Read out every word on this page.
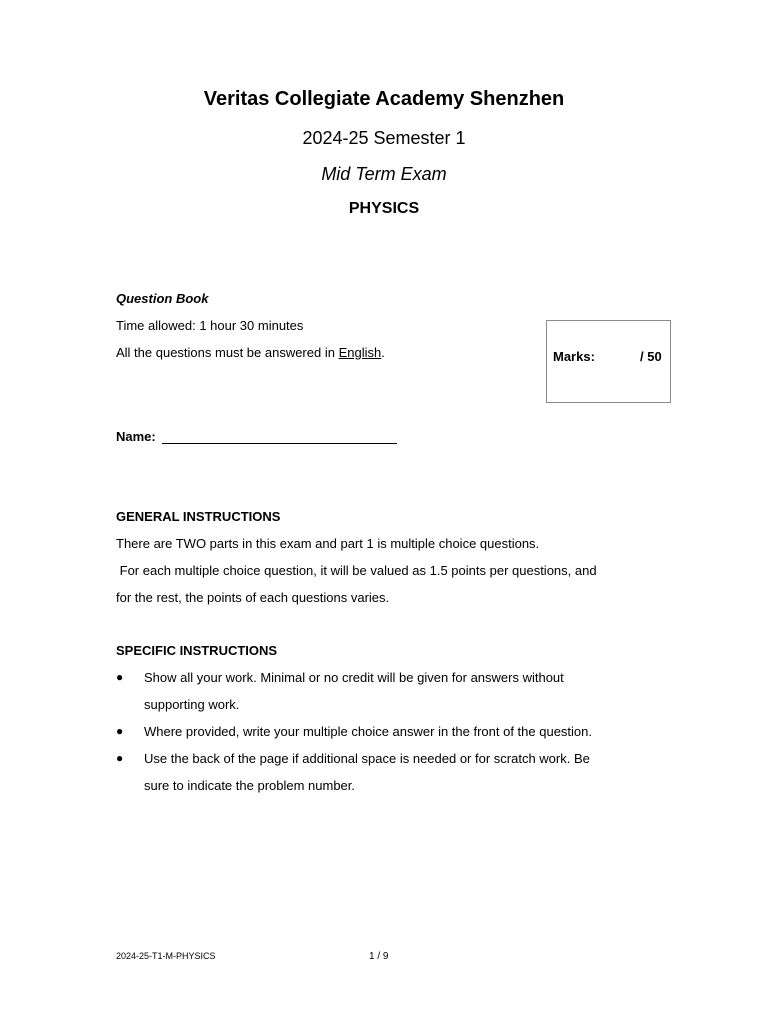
Veritas Collegiate Academy Shenzhen
2024-25 Semester 1
Mid Term Exam
PHYSICS
Question Book
Time allowed: 1 hour 30 minutes
All the questions must be answered in English.	Marks:	/ 50
Name:
GENERAL INSTRUCTIONS
There are TWO parts in this exam and part 1 is multiple choice questions.
For each multiple choice question, it will be valued as 1.5 points per questions, and
for the rest, the points of each questions varies.
SPECIFIC INSTRUCTIONS
● Show all your work. Minimal or no credit will be given for answers without
supporting work.
● Where provided, write your multiple choice answer in the front of the question.
● Use the back of the page if additional space is needed or for scratch work. Be
sure to indicate the problem number.
2024-25-T1-M-PHYSICS	1 / 9
